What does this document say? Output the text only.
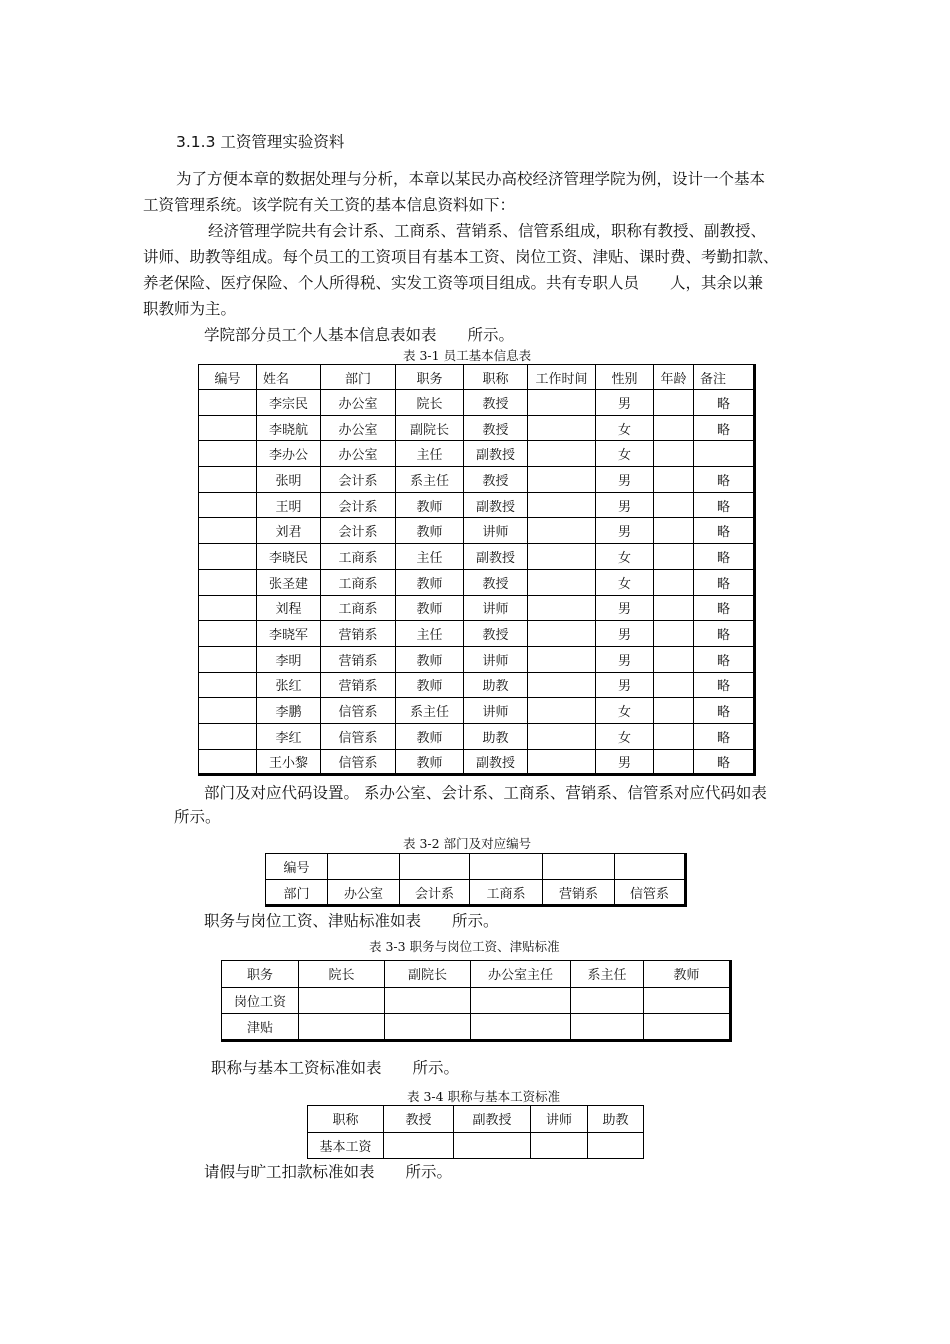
3.1.3 工资管理实验资料
为了方便本章的数据处理与分析，本章以某民办高校经济管理学院为例，设计一个基本
工资管理系统。该学院有关工资的基本信息资料如下：
经济管理学院共有会计系、工商系、营销系、信管系组成，职称有教授、副教授、
讲师、助教等组成。每个员工的工资项目有基本工资、岗位工资、津贴、课时费、考勤扣款、
养老保险、医疗保险、个人所得税、实发工资等项目组成。共有专职人员　　人，其余以兼
职教师为主。
学院部分员工个人基本信息表如表　　所示。
表 3-1 员工基本信息表
编号	姓名	部门	职务	职称	工作时间	性别	年龄	备注
	李宗民	办公室	院长	教授		男		略
	李晓航	办公室	副院长	教授		女		略
	李办公	办公室	主任	副教授		女		
	张明	会计系	系主任	教授		男		略
	王明	会计系	教师	副教授		男		略
	刘君	会计系	教师	讲师		男		略
	李晓民	工商系	主任	副教授		女		略
	张圣建	工商系	教师	教授		女		略
	刘程	工商系	教师	讲师		男		略
	李晓军	营销系	主任	教授		男		略
	李明	营销系	教师	讲师		男		略
	张红	营销系	教师	助教		男		略
	李鹏	信管系	系主任	讲师		女		略
	李红	信管系	教师	助教		女		略
	王小黎	信管系	教师	副教授		男		略
部门及对应代码设置。 系办公室、会计系、工商系、营销系、信管系对应代码如表
所示。
表 3-2 部门及对应编号
编号					
部门	办公室	会计系	工商系	营销系	信管系
职务与岗位工资、津贴标准如表　　所示。
表 3-3 职务与岗位工资、津贴标准
职务	院长	副院长	办公室主任	系主任	教师
岗位工资					
津贴					
职称与基本工资标准如表　　所示。
表 3-4 职称与基本工资标准
职称	教授	副教授	讲师	助教
基本工资				
请假与旷工扣款标准如表　　所示。
